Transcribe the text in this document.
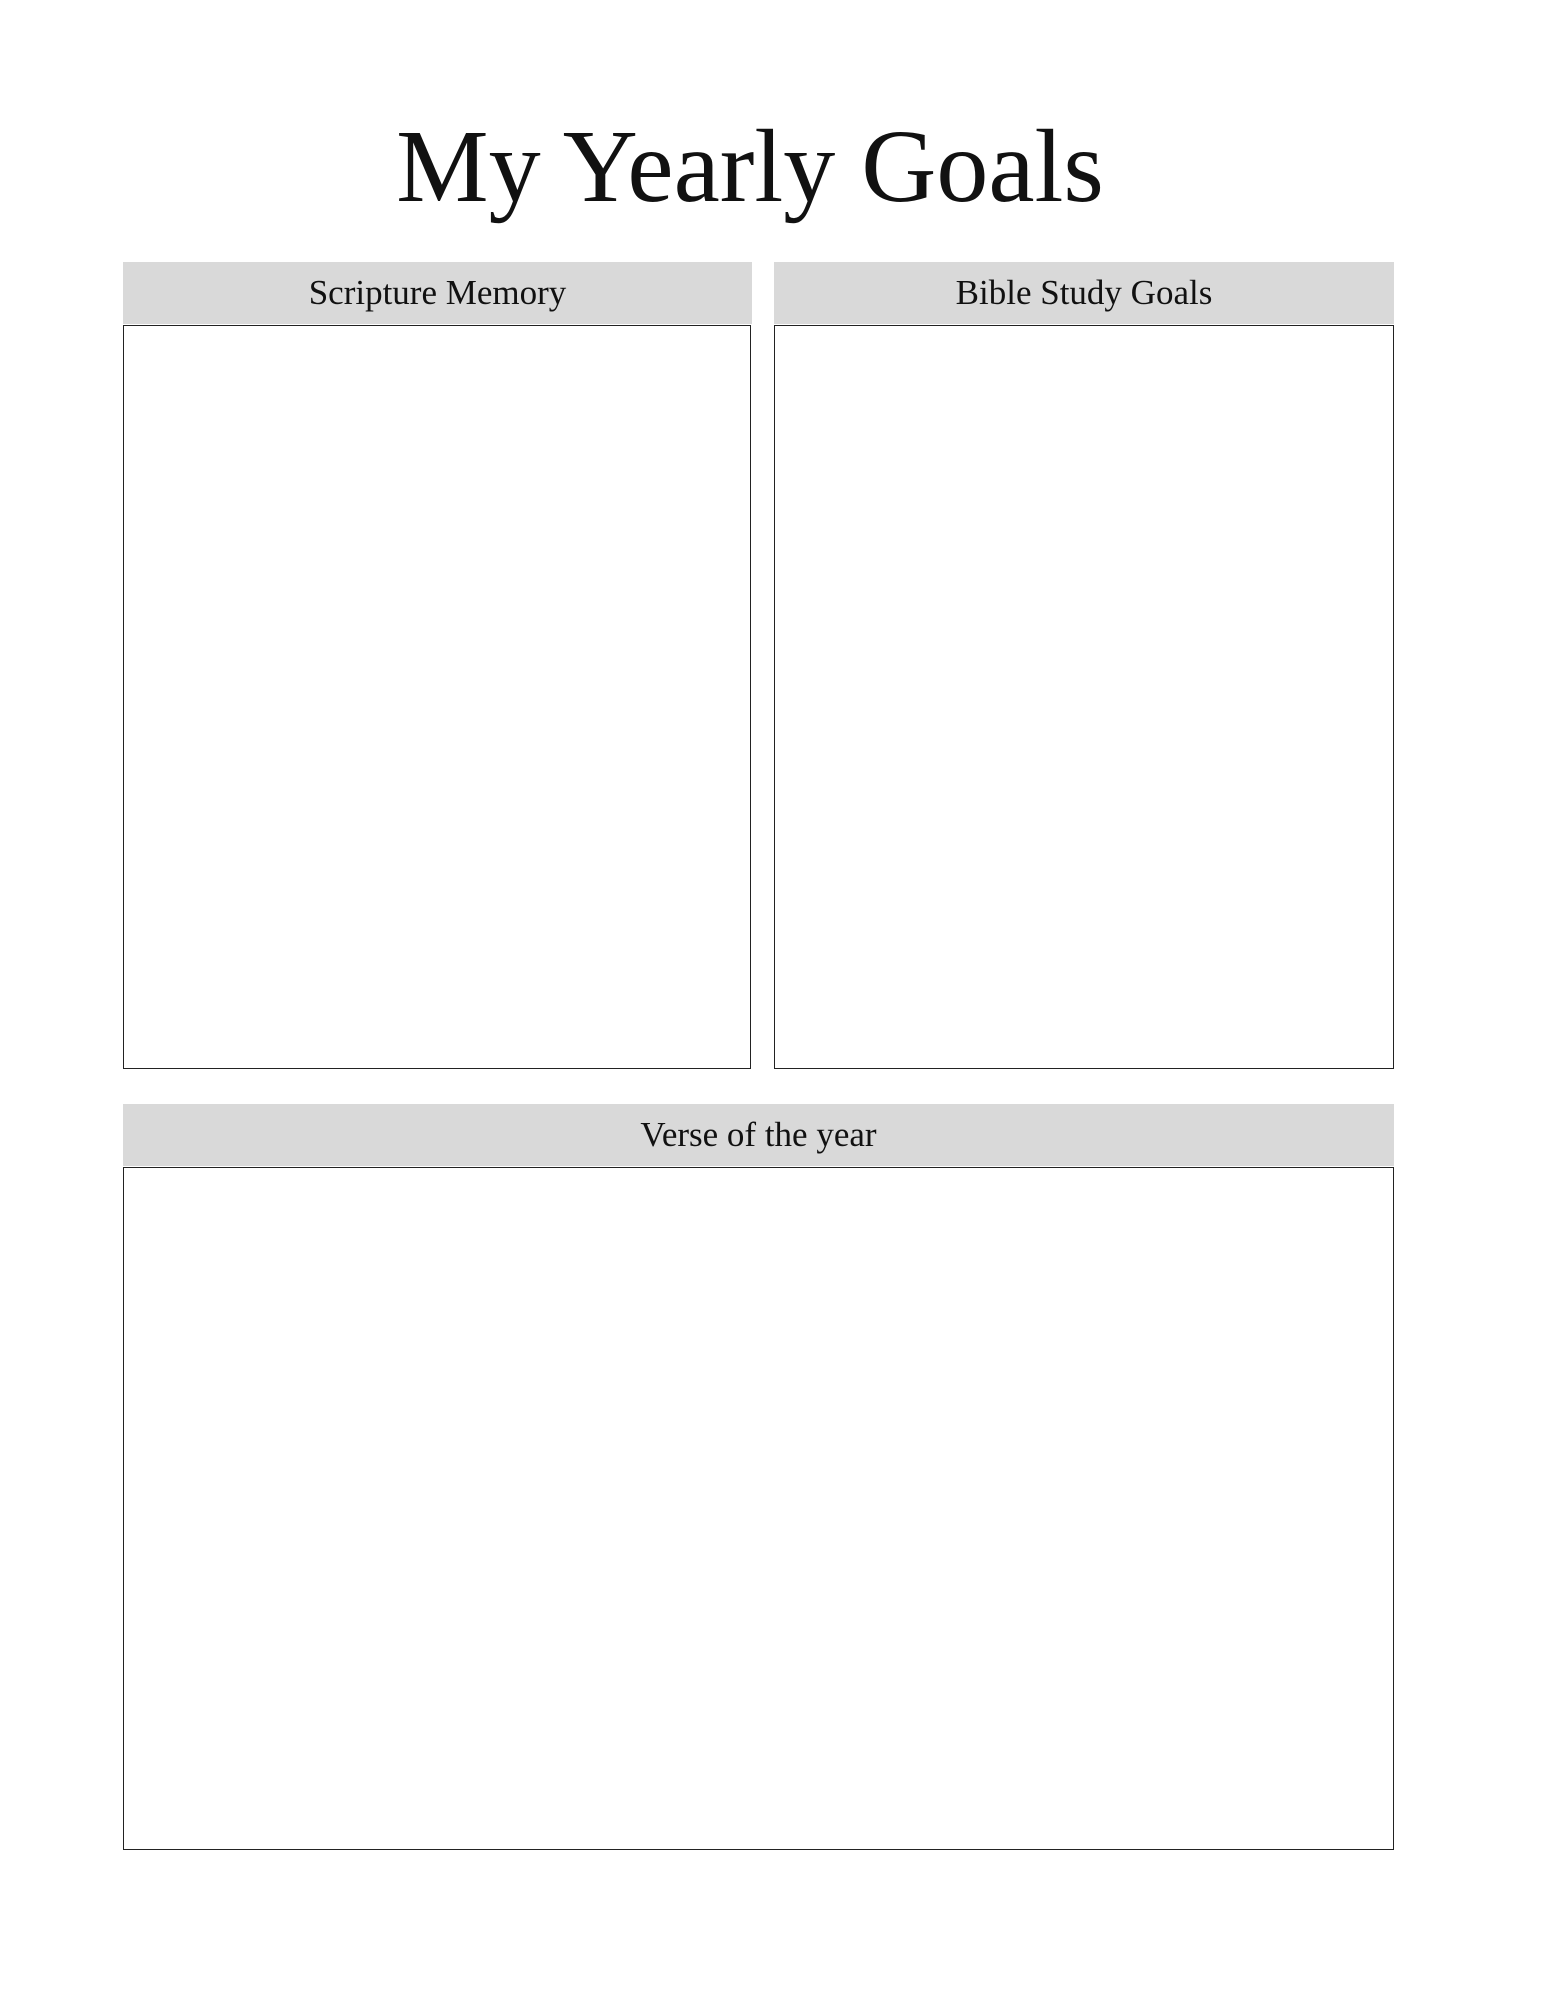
My Yearly Goals
Scripture Memory	Bible Study Goals
Verse of the year
